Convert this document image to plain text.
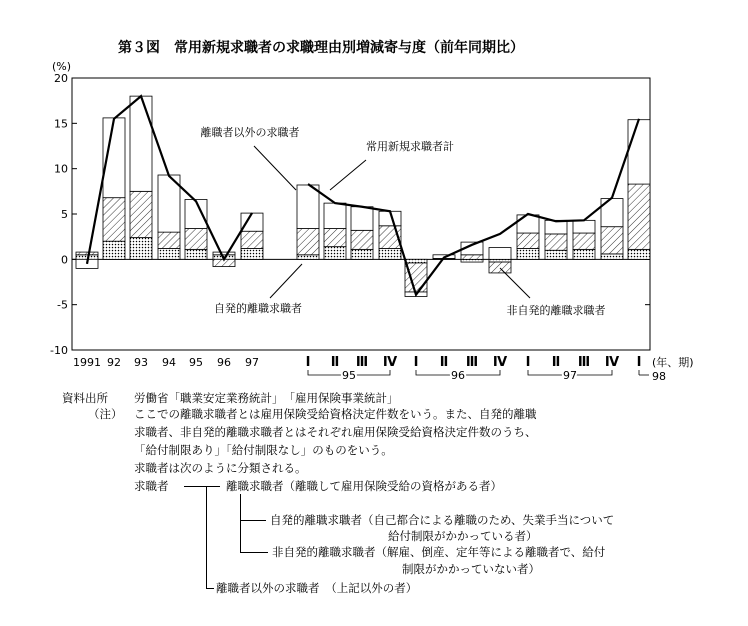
第３図　常用新規求職者の求職理由別増減寄与度（前年同期比）
(%)
20
15
10
5
0
-5
-10
1991 92 93 94 95 96 97	Ⅰ Ⅱ Ⅲ Ⅳ Ⅰ Ⅱ Ⅲ Ⅳ Ⅰ Ⅱ Ⅲ Ⅳ Ⅰ (年、期)
95	96	97	98
離職者以外の求職者
常用新規求職者計
自発的離職求職者	非自発的離職求職者
資料出所 労働省「職業安定業務統計」　「雇用保険事業統計」
（注） ここでの離職求職者とは雇用保険受給資格決定件数をいう。また、自発的離職
求職者、非自発的離職求職者とはそれぞれ雇用保険受給資格決定件数のうち、
「給付制限あり」「給付制限なし」のものをいう。
求職者は次のように分類される。
求職者	離職求職者（離職して雇用保険受給の資格がある者）
自発的離職求職者（自己都合による離職のため、失業手当について
給付制限がかかっている者）
非自発的離職求職者（解雇、倒産、定年等による離職者で、給付
制限がかかっていない者）
離職者以外の求職者　（上記以外の者）
